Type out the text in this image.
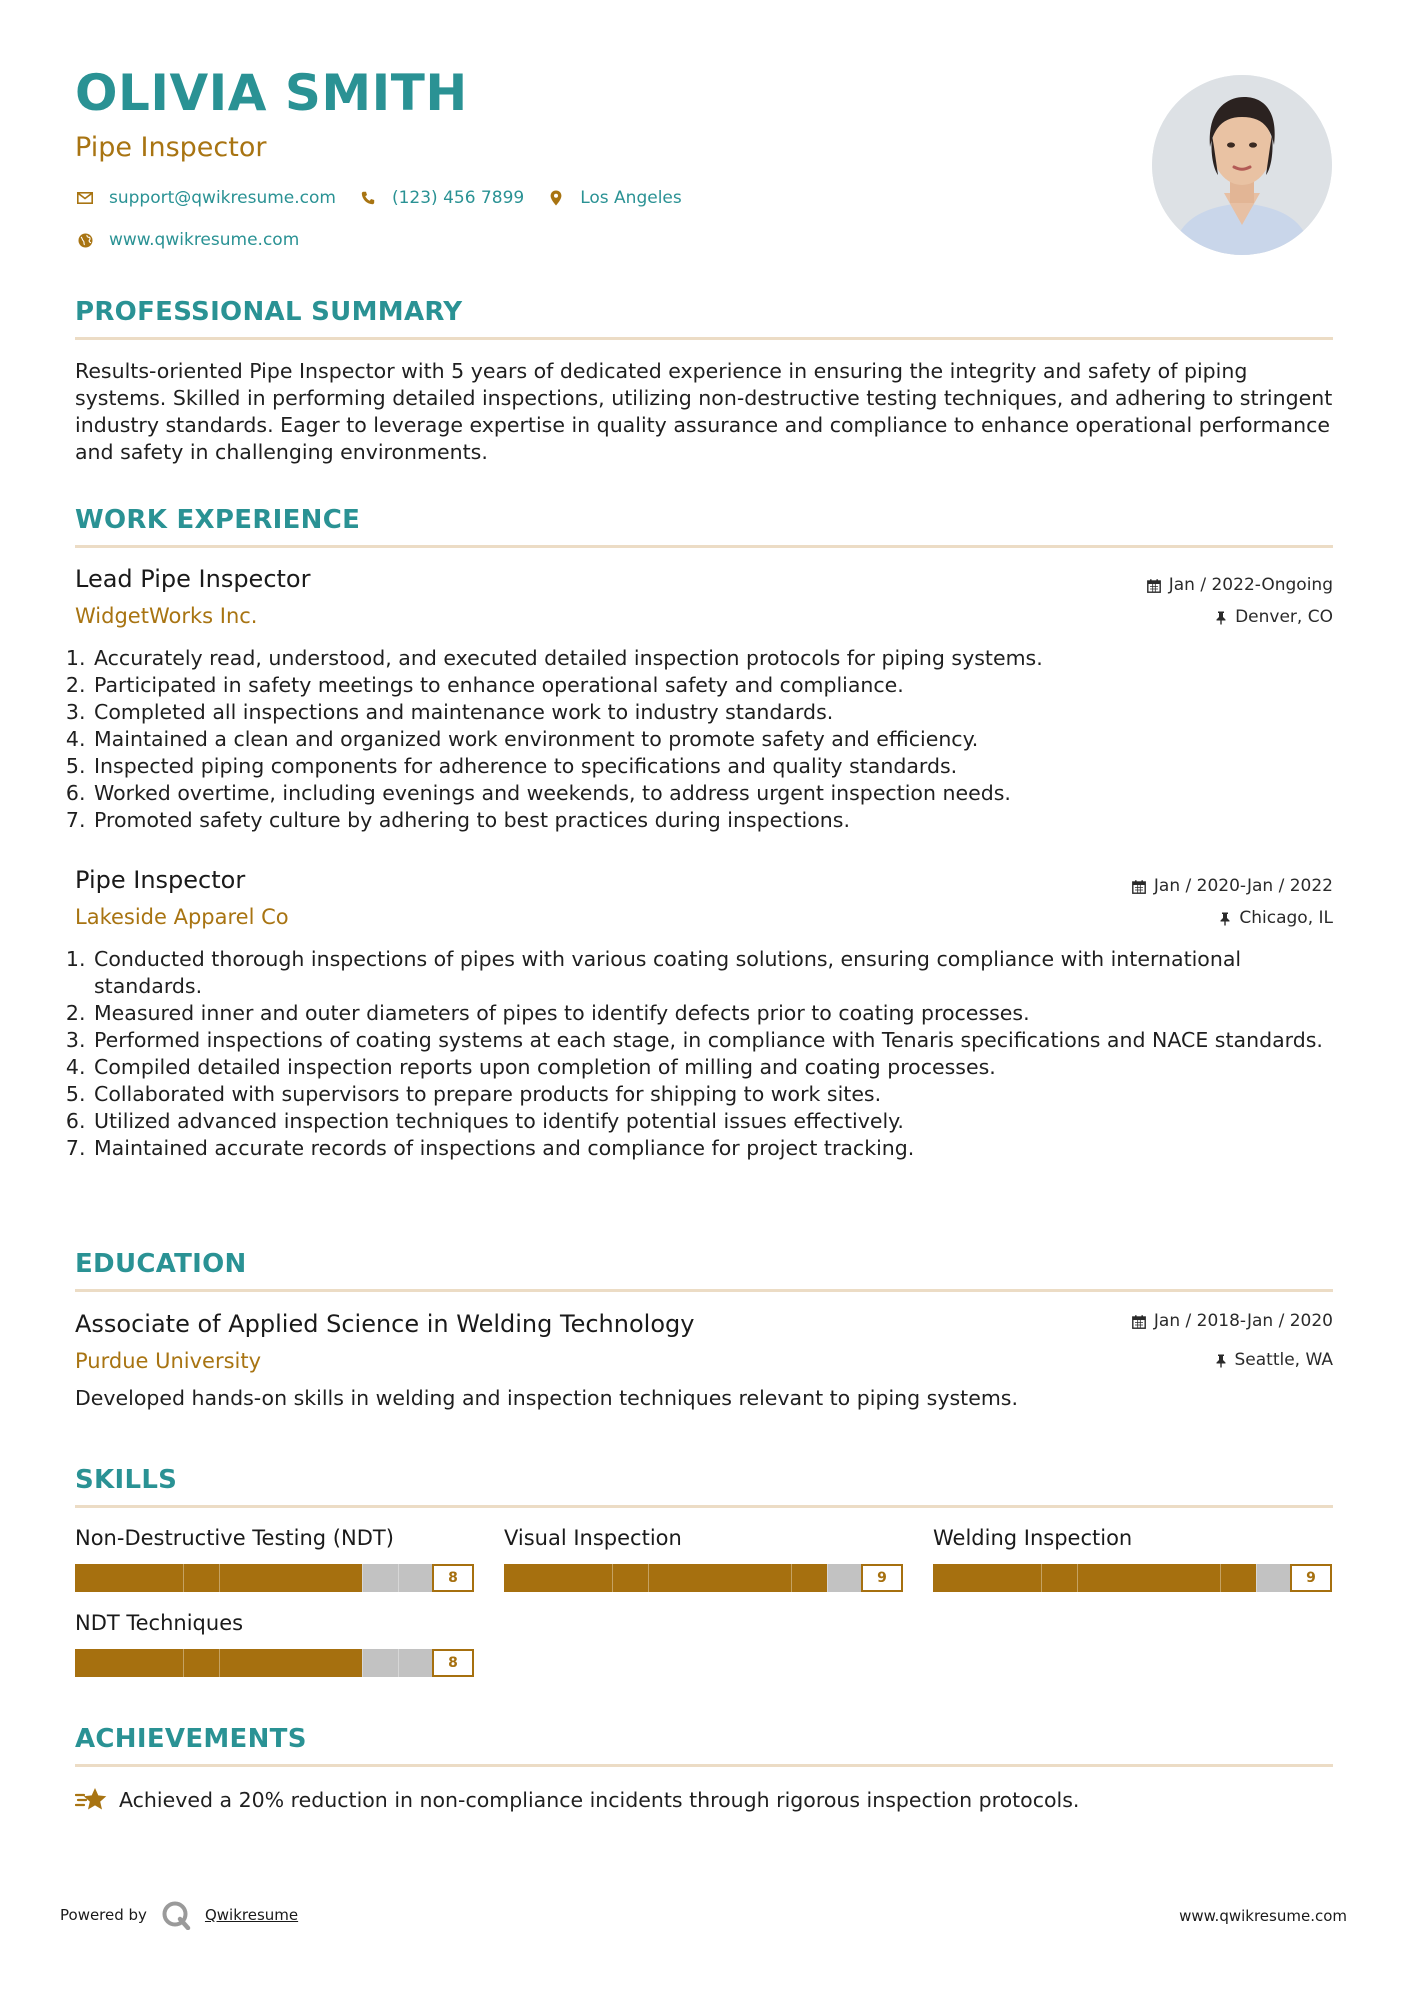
OLIVIA SMITH
Pipe Inspector
support@qwikresume.com	(123) 456 7899	Los Angeles
www.qwikresume.com
PROFESSIONAL SUMMARY
Results-oriented Pipe Inspector with 5 years of dedicated experience in ensuring the integrity and safety of piping systems. Skilled in performing detailed inspections, utilizing non-destructive testing techniques, and adhering to stringent industry standards. Eager to leverage expertise in quality assurance and compliance to enhance operational performance and safety in challenging environments.
WORK EXPERIENCE
Lead Pipe Inspector	Jan / 2022-Ongoing
WidgetWorks Inc.	Denver, CO
1. Accurately read, understood, and executed detailed inspection protocols for piping systems.
2. Participated in safety meetings to enhance operational safety and compliance.
3. Completed all inspections and maintenance work to industry standards.
4. Maintained a clean and organized work environment to promote safety and efficiency.
5. Inspected piping components for adherence to specifications and quality standards.
6. Worked overtime, including evenings and weekends, to address urgent inspection needs.
7. Promoted safety culture by adhering to best practices during inspections.
Pipe Inspector	Jan / 2020-Jan / 2022
Lakeside Apparel Co	Chicago, IL
1. Conducted thorough inspections of pipes with various coating solutions, ensuring compliance with international standards.
2. Measured inner and outer diameters of pipes to identify defects prior to coating processes.
3. Performed inspections of coating systems at each stage, in compliance with Tenaris specifications and NACE standards.
4. Compiled detailed inspection reports upon completion of milling and coating processes.
5. Collaborated with supervisors to prepare products for shipping to work sites.
6. Utilized advanced inspection techniques to identify potential issues effectively.
7. Maintained accurate records of inspections and compliance for project tracking.
EDUCATION
Associate of Applied Science in Welding Technology	Jan / 2018-Jan / 2020
Purdue University	Seattle, WA
Developed hands-on skills in welding and inspection techniques relevant to piping systems.
SKILLS
Non-Destructive Testing (NDT)
8
Visual Inspection
9
Welding Inspection
9
NDT Techniques
8
ACHIEVEMENTS
Achieved a 20% reduction in non-compliance incidents through rigorous inspection protocols.
Powered by	Qwikresume	www.qwikresume.com
